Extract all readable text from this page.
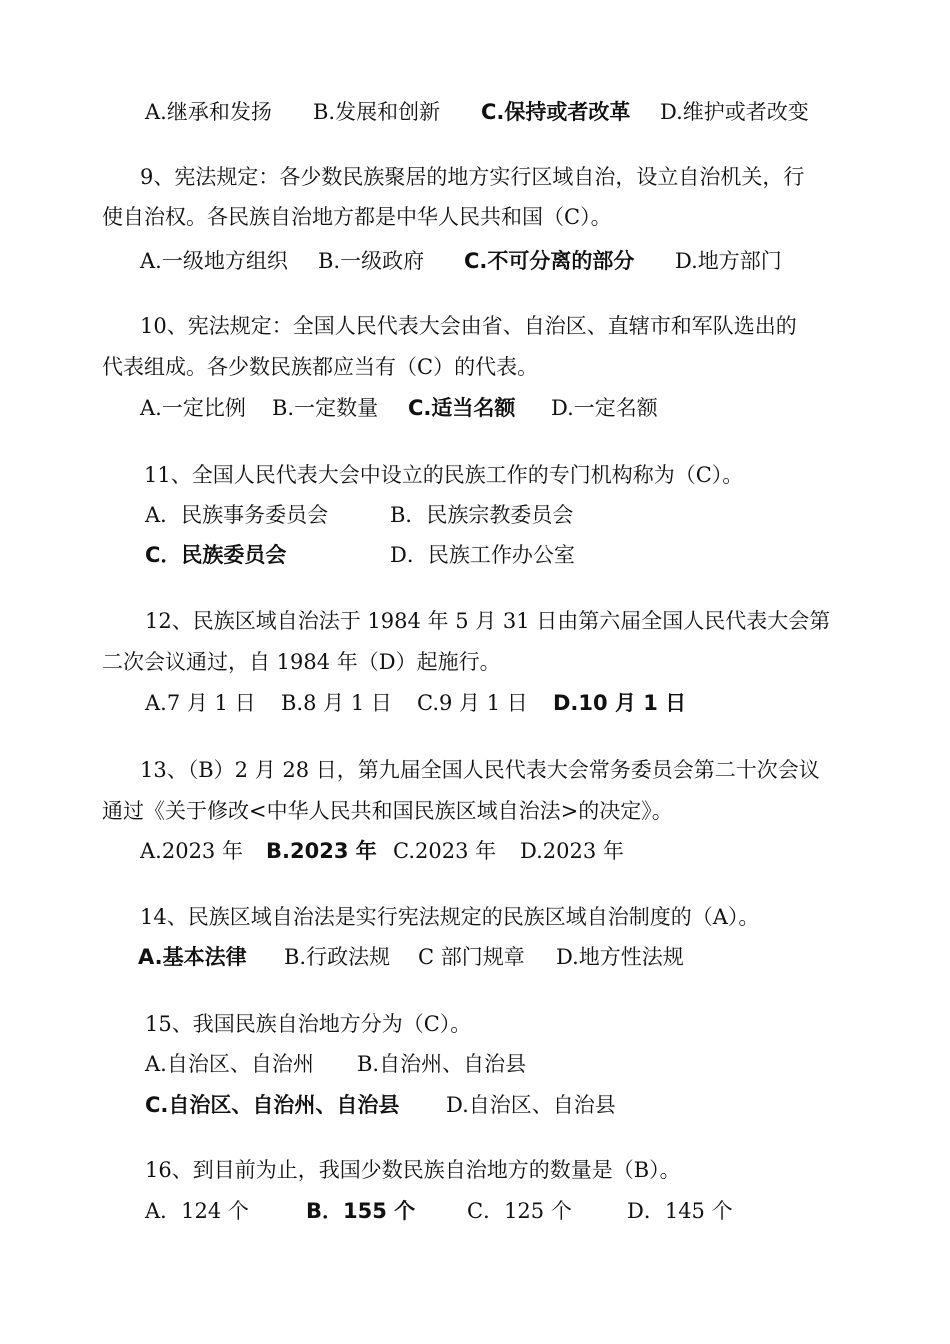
A.继承和发扬 B.发展和创新 C.保持或者改革 D.维护或者改变
9、宪法规定：各少数民族聚居的地方实行区域自治，设立自治机关，行
使自治权。各民族自治地方都是中华人民共和国（C）。
A.一级地方组织 B.一级政府 C.不可分离的部分 D.地方部门
10、宪法规定：全国人民代表大会由省、自治区、直辖市和军队选出的
代表组成。各少数民族都应当有（C）的代表。
A.一定比例 B.一定数量 C.适当名额 D.一定名额
11、全国人民代表大会中设立的民族工作的专门机构称为（C）。
A．民族事务委员会	B．民族宗教委员会
C．民族委员会	D．民族工作办公室
12、民族区域自治法于 1984 年 5 月 31 日由第六届全国人民代表大会第
二次会议通过，自 1984 年（D）起施行。
A.7 月 1 日 B.8 月 1 日 C.9 月 1 日 D.10 月 1 日
13、（B）2 月 28 日，第九届全国人民代表大会常务委员会第二十次会议
通过《关于修改<中华人民共和国民族区域自治法>的决定》。
A.2023 年 B.2023 年 C.2023 年 D.2023 年
14、民族区域自治法是实行宪法规定的民族区域自治制度的（A）。
A.基本法律 B.行政法规 C 部门规章 D.地方性法规
15、我国民族自治地方分为（C）。
A.自治区、自治州 B.自治州、自治县
C.自治区、自治州、自治县 D.自治区、自治县
16、到目前为止，我国少数民族自治地方的数量是（B）。
A．124 个	B．155 个 C．125 个	D．145 个
